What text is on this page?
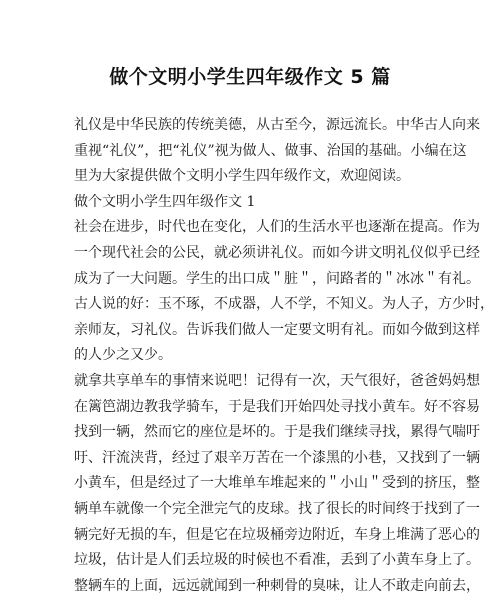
做个文明小学生四年级作文 5 篇
礼仪是中华民族的传统美德，从古至今，源远流长。中华古人向来
重视“礼仪”，把“礼仪”视为做人、做事、治国的基础。小编在这
里为大家提供做个文明小学生四年级作文，欢迎阅读。
做个文明小学生四年级作文 1
社会在进步，时代也在变化，人们的生活水平也逐渐在提高。作为
一个现代社会的公民，就必须讲礼仪。而如今讲文明礼仪似乎已经
成为了一大问题。学生的出口成＂脏＂，问路者的＂冰冰＂有礼。
古人说的好：玉不琢，不成器，人不学，不知义。为人子，方少时，
亲师友，习礼仪。告诉我们做人一定要文明有礼。而如今做到这样
的人少之又少。
就拿共享单车的事情来说吧！记得有一次，天气很好，爸爸妈妈想
在篱笆湖边教我学骑车，于是我们开始四处寻找小黄车。好不容易
找到一辆，然而它的座位是坏的。于是我们继续寻找，累得气喘吁
吁、汗流浃背，经过了艰辛万苦在一个漆黑的小巷，又找到了一辆
小黄车，但是经过了一大堆单车堆起来的＂小山＂受到的挤压，整
辆单车就像一个完全泄完气的皮球。找了很长的时间终于找到了一
辆完好无损的车，但是它在垃圾桶旁边附近，车身上堆满了恶心的
垃圾，估计是人们丢垃圾的时候也不看准，丢到了小黄车身上了。
整辆车的上面，远远就闻到一种刺骨的臭味，让人不敢走向前去，
